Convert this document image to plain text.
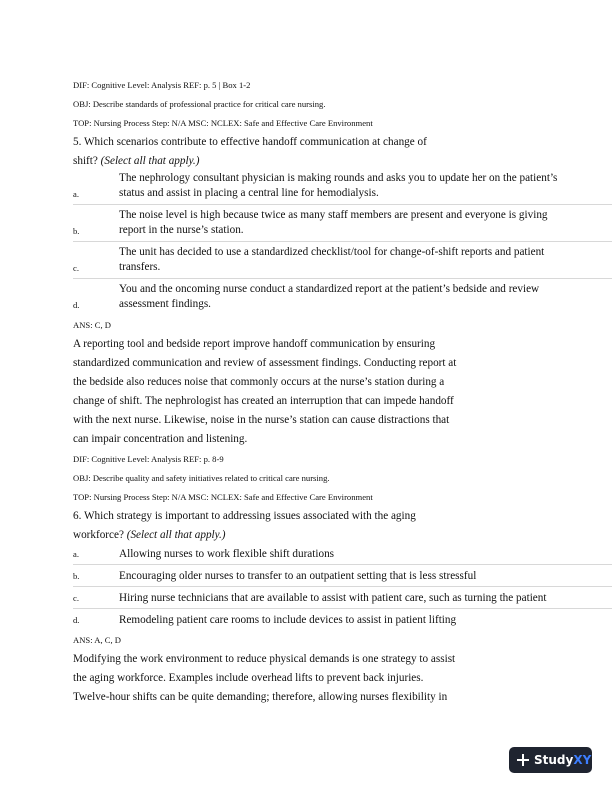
DIF: Cognitive Level: Analysis REF: p. 5 | Box 1-2
OBJ: Describe standards of professional practice for critical care nursing.
TOP: Nursing Process Step: N/A MSC: NCLEX: Safe and Effective Care Environment
5. Which scenarios contribute to effective handoff communication at change of
shift? (Select all that apply.)
a.
The nephrology consultant physician is making rounds and asks you to update her on the patient’s
status and assist in placing a central line for hemodialysis.
b.
The noise level is high because twice as many staff members are present and everyone is giving
report in the nurse’s station.
c.
The unit has decided to use a standardized checklist/tool for change-of-shift reports and patient
transfers.
d.
You and the oncoming nurse conduct a standardized report at the patient’s bedside and review
assessment findings.
ANS: C, D
A reporting tool and bedside report improve handoff communication by ensuring
standardized communication and review of assessment findings. Conducting report at
the bedside also reduces noise that commonly occurs at the nurse’s station during a
change of shift. The nephrologist has created an interruption that can impede handoff
with the next nurse. Likewise, noise in the nurse’s station can cause distractions that
can impair concentration and listening.
DIF: Cognitive Level: Analysis REF: p. 8-9
OBJ: Describe quality and safety initiatives related to critical care nursing.
TOP: Nursing Process Step: N/A MSC: NCLEX: Safe and Effective Care Environment
6. Which strategy is important to addressing issues associated with the aging
workforce? (Select all that apply.)
a.	Allowing nurses to work flexible shift durations
b.	Encouraging older nurses to transfer to an outpatient setting that is less stressful
c.	Hiring nurse technicians that are available to assist with patient care, such as turning the patient
d.	Remodeling patient care rooms to include devices to assist in patient lifting
ANS: A, C, D
Modifying the work environment to reduce physical demands is one strategy to assist
the aging workforce. Examples include overhead lifts to prevent back injuries.
Twelve-hour shifts can be quite demanding; therefore, allowing nurses flexibility in
Study XY
